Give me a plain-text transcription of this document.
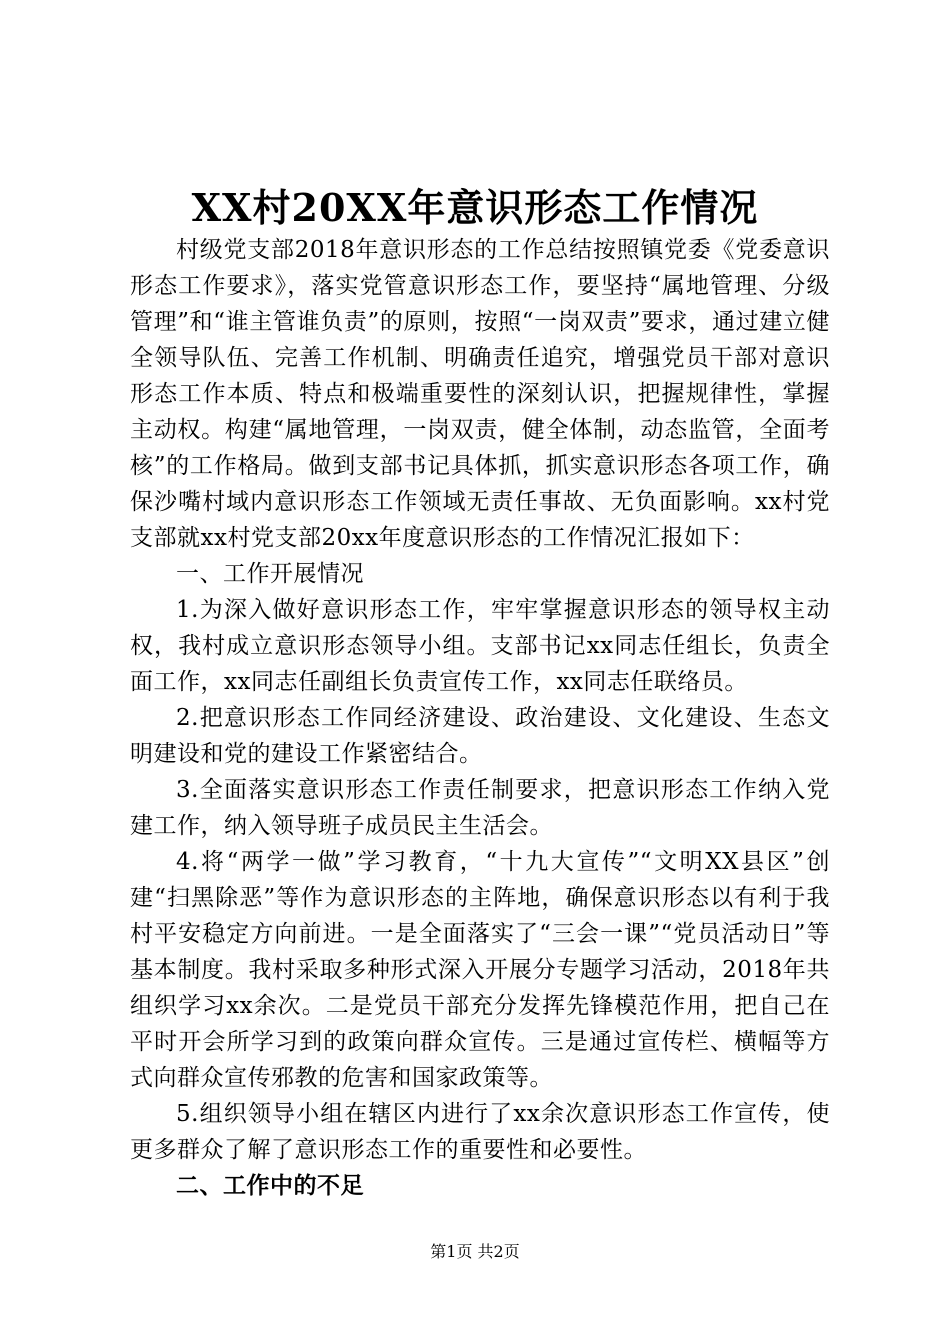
XX村20XX年意识形态工作情况

村级党支部2018年意识形态的工作总结按照镇党委《党委意识形态工作要求》，落实党管意识形态工作，要坚持“属地管理、分级管理”和“谁主管谁负责”的原则，按照“一岗双责”要求，通过建立健全领导队伍、完善工作机制、明确责任追究，增强党员干部对意识形态工作本质、特点和极端重要性的深刻认识，把握规律性，掌握主动权。构建“属地管理，一岗双责，健全体制，动态监管，全面考核”的工作格局。做到支部书记具体抓，抓实意识形态各项工作，确保沙嘴村域内意识形态工作领域无责任事故、无负面影响。xx村党支部就xx村党支部20xx年度意识形态的工作情况汇报如下：

一、工作开展情况

1.为深入做好意识形态工作，牢牢掌握意识形态的领导权主动权，我村成立意识形态领导小组。支部书记xx同志任组长，负责全面工作，xx同志任副组长负责宣传工作，xx同志任联络员。

2.把意识形态工作同经济建设、政治建设、文化建设、生态文明建设和党的建设工作紧密结合。

3.全面落实意识形态工作责任制要求，把意识形态工作纳入党建工作，纳入领导班子成员民主生活会。

4.将“两学一做”学习教育，“十九大宣传”“文明XX县区”创建“扫黑除恶”等作为意识形态的主阵地，确保意识形态以有利于我村平安稳定方向前进。一是全面落实了“三会一课”“党员活动日”等基本制度。我村采取多种形式深入开展分专题学习活动，2018年共组织学习xx余次。二是党员干部充分发挥先锋模范作用，把自己在平时开会所学习到的政策向群众宣传。三是通过宣传栏、横幅等方式向群众宣传邪教的危害和国家政策等。

5.组织领导小组在辖区内进行了xx余次意识形态工作宣传，使更多群众了解了意识形态工作的重要性和必要性。

二、工作中的不足

第1页 共2页
